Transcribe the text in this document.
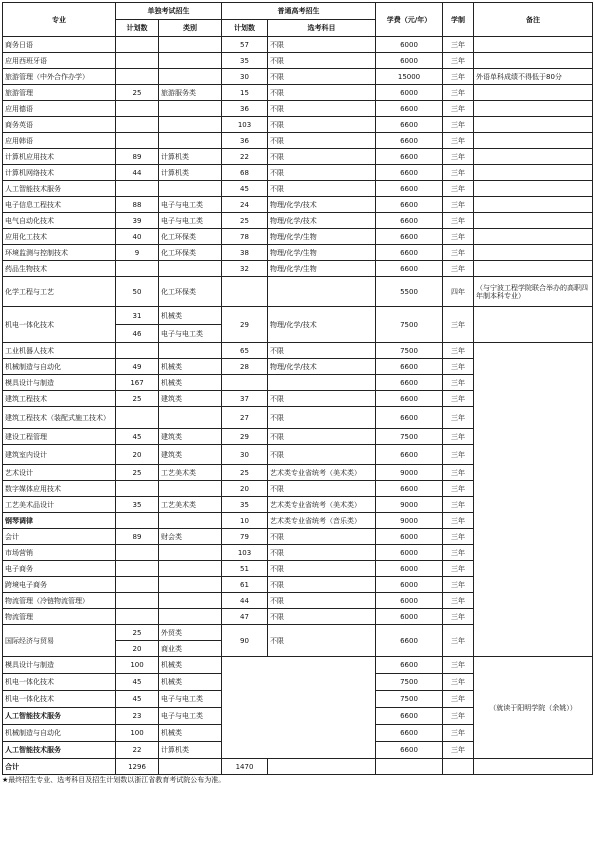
专业	单独考试招生		普通高考招生		学费（元/年）	学制	备注
	计划数	类别	计划数	选考科目			
商务日语			57	不限	6000	三年	
应用西班牙语			35	不限	6000	三年	
旅游管理（中外合作办学）			30	不限	15000	三年	外语单科成绩不得低于80分
旅游管理	25	旅游服务类	15	不限	6000	三年	
应用德语			36	不限	6600	三年	
商务英语			103	不限	6600	三年	
应用韩语			36	不限	6600	三年	
计算机应用技术	89	计算机类	22	不限	6600	三年	
计算机网络技术	44	计算机类	68	不限	6600	三年	
人工智能技术服务			45	不限	6600	三年	
电子信息工程技术	88	电子与电工类	24	物理/化学/技术	6600	三年	
电气自动化技术	39	电子与电工类	25	物理/化学/技术	6600	三年	
应用化工技术	40	化工环保类	78	物理/化学/生物	6600	三年	
环境监测与控制技术	9	化工环保类	38	物理/化学/生物	6600	三年	
药品生物技术			32	物理/化学/生物	6600	三年	
化学工程与工艺	50	化工环保类			5500	四年	（与宁波工程学院联合举办的高职四年制本科专业）
机电一体化技术	31	机械类	29	物理/化学/技术	7500	三年	
	46	电子与电工类					
工业机器人技术			65	不限	7500	三年	
机械制造与自动化	49	机械类	28	物理/化学/技术	6600	三年	
模具设计与制造	167	机械类			6600	三年	
建筑工程技术	25	建筑类	37	不限	6600	三年	
建筑工程技术（装配式施工技术）			27	不限	6600	三年	
建设工程管理	45	建筑类	29	不限	7500	三年	
建筑室内设计	20	建筑类	30	不限	6600	三年	
艺术设计	25	工艺美术类	25	艺术类专业省统考（美术类）	9000	三年	
数字媒体应用技术			20	不限	6600	三年	
工艺美术品设计	35	工艺美术类	35	艺术类专业省统考（美术类）	9000	三年	
钢琴调律			10	艺术类专业省统考（音乐类）	9000	三年	
会计	89	财会类	79	不限	6000	三年	
市场营销			103	不限	6000	三年	
电子商务			51	不限	6000	三年	
跨境电子商务			61	不限	6000	三年	
物流管理（冷链物流管理）			44	不限	6000	三年	
物流管理			47	不限	6000	三年	
国际经济与贸易	25	外贸类	90	不限	6600	三年	
	20	商业类					
模具设计与制造	100	机械类			6600	三年	（就读于阳明学院（余姚））
机电一体化技术	45	机械类			7500	三年	
机电一体化技术	45	电子与电工类			7500	三年	
人工智能技术服务	23	电子与电工类			6600	三年	
机械制造与自动化	100	机械类			6600	三年	
人工智能技术服务	22	计算机类			6600	三年	
合计	1296		1470				
★最终招生专业、选考科目及招生计划数以浙江省教育考试院公布为准。
